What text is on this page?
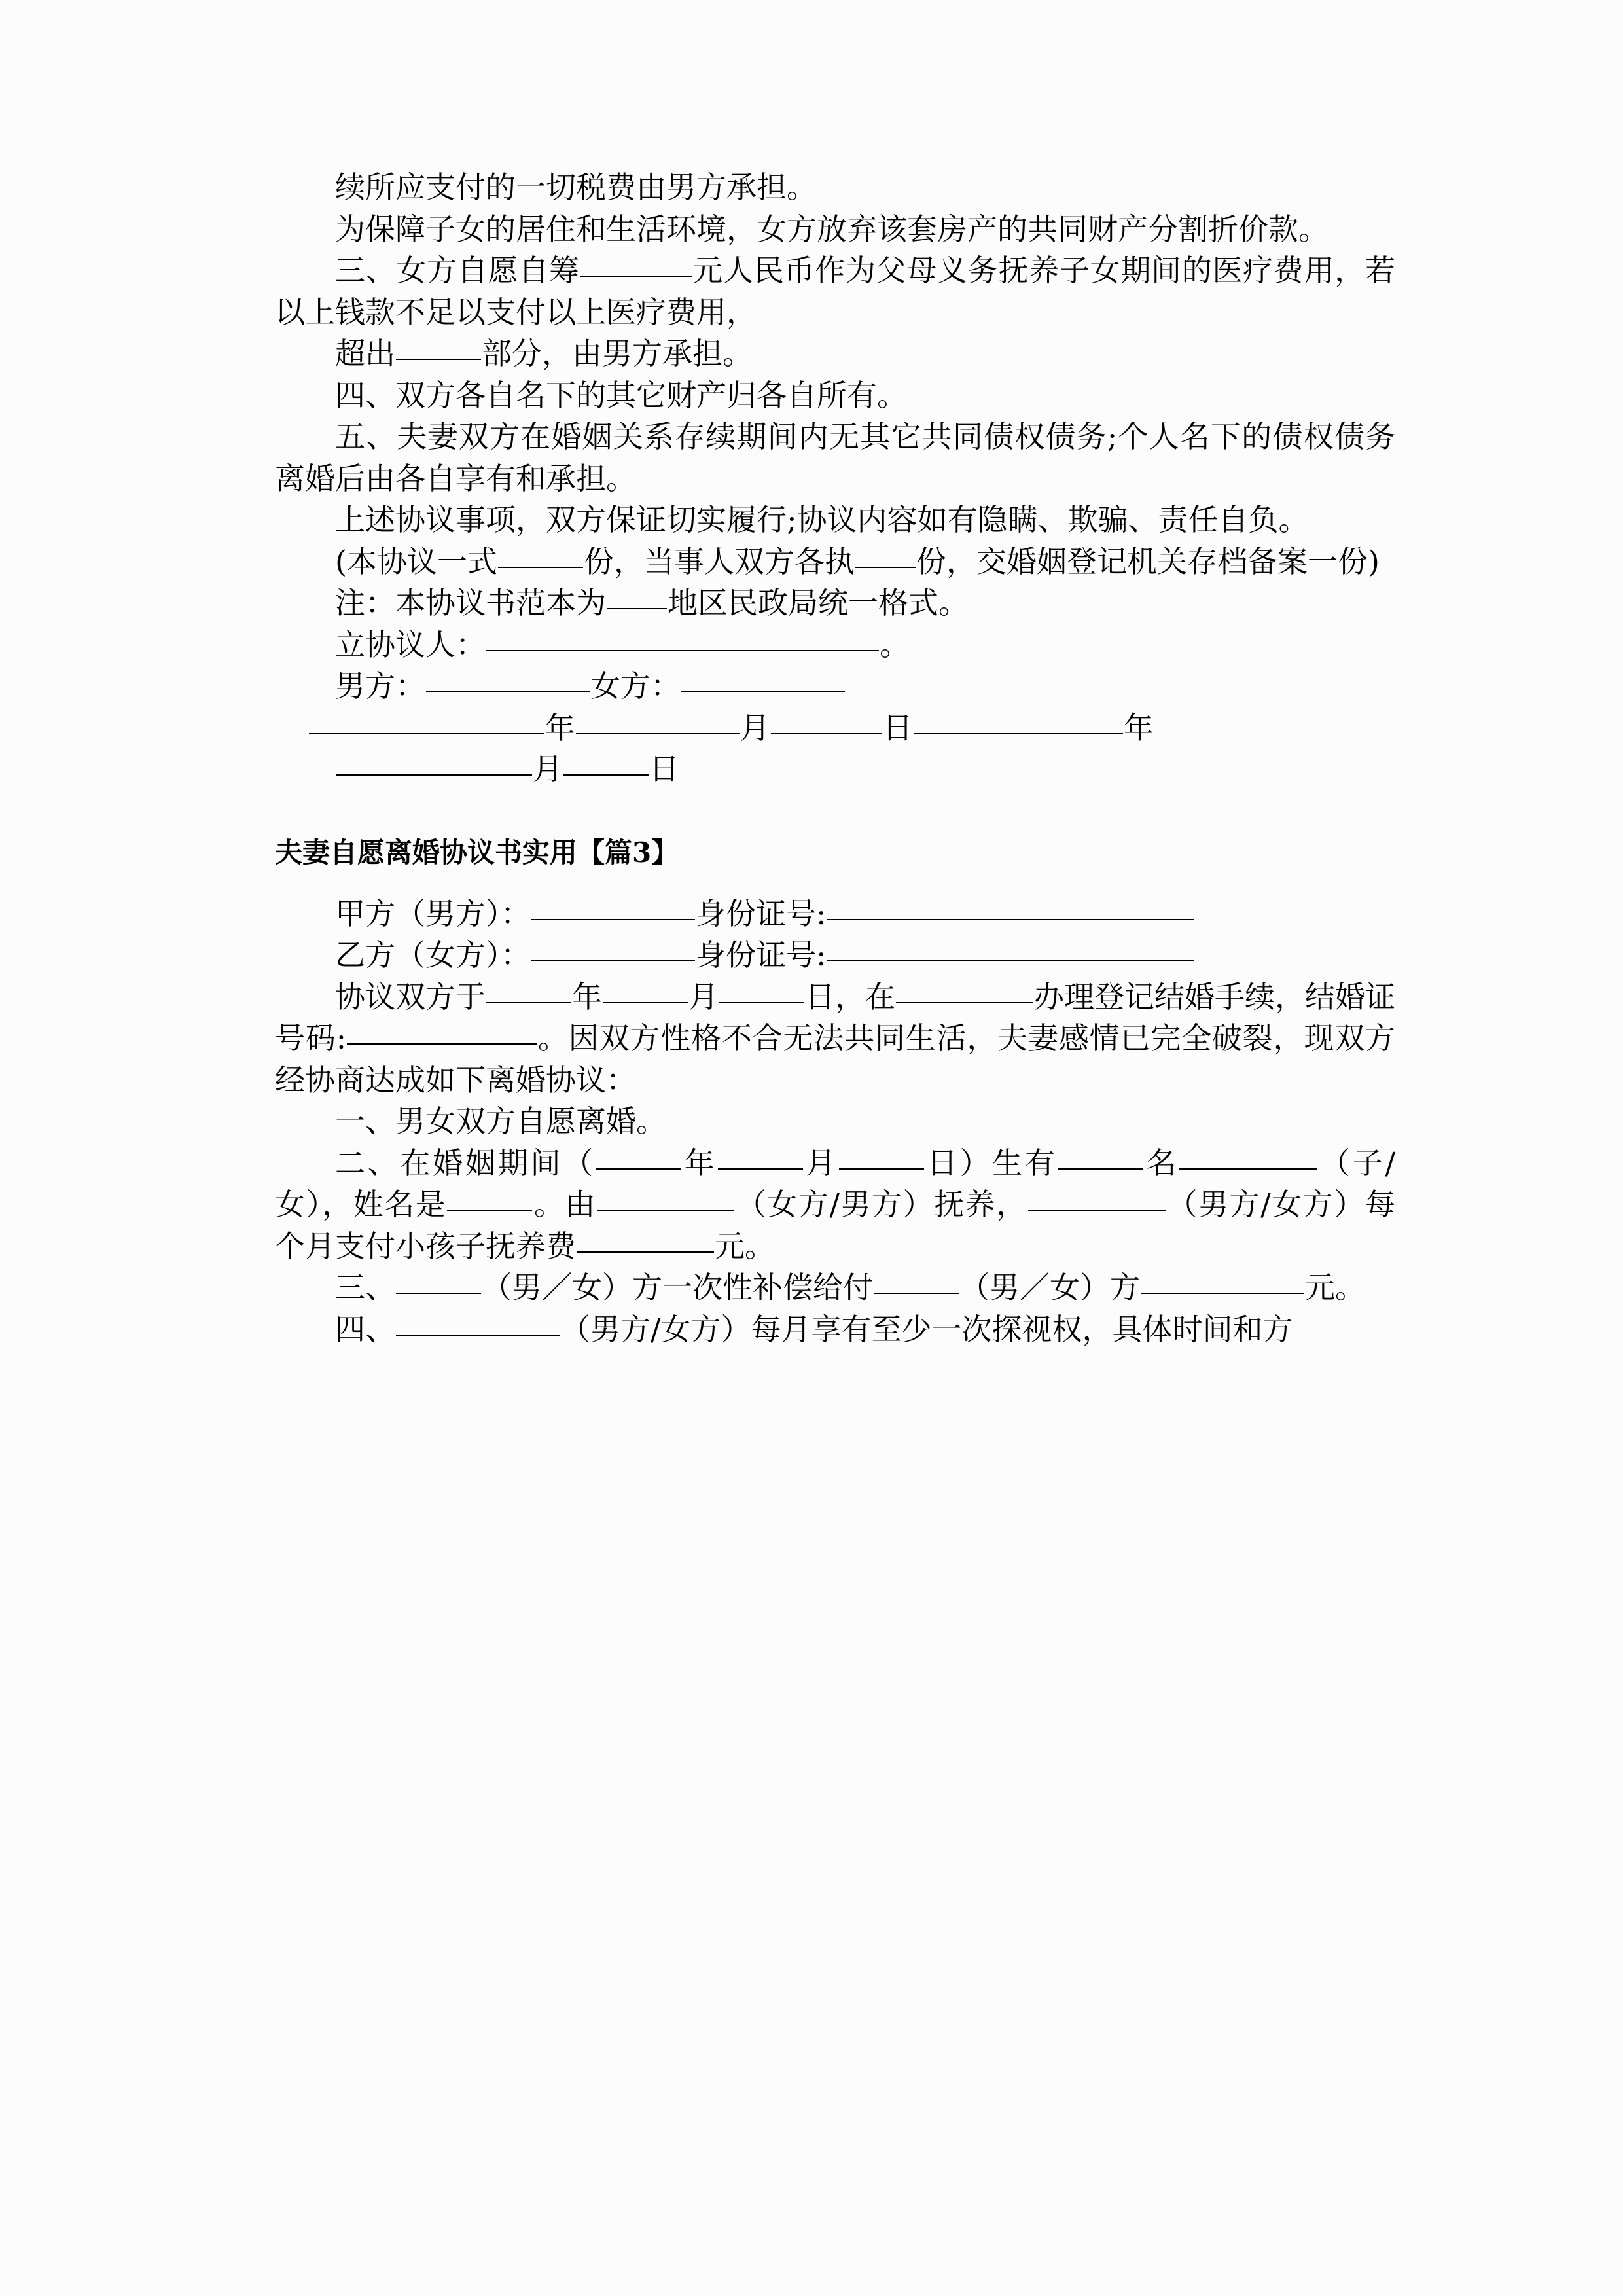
续所应支付的一切税费由男方承担。

为保障子女的居住和生活环境，女方放弃该套房产的共同财产分割折价款。

三、女方自愿自筹	元人民币作为父母义务抚养子女期间的医疗费用，若以上钱款不足以支付以上医疗费用，

超出	部分，由男方承担。

四、双方各自名下的其它财产归各自所有。

五、夫妻双方在婚姻关系存续期间内无其它共同债权债务;个人名下的债权债务离婚后由各自享有和承担。

上述协议事项，双方保证切实履行;协议内容如有隐瞒、欺骗、责任自负。

(本协议一式	份，当事人双方各执 份，交婚姻登记机关存档备案一份)

注：本协议书范本为 地区民政局统一格式。

立协议人：	。

男方：	女方：

年	月	日	年

月	日

夫妻自愿离婚协议书实用【篇3】

甲方（男方）：	身份证号:

乙方（女方）：	身份证号:

协议双方于	年	月	日，在	办理登记结婚手续，结婚证号码:	。因双方性格不合无法共同生活，夫妻感情已完全破裂，现双方经协商达成如下离婚协议：

一、男女双方自愿离婚。

二、在婚姻期间（	年	月	日）生有	名	（子/女），姓名是	。由	（女方/男方）抚养，	（男方/女方）每个月支付小孩子抚养费	元。

三、	（男／女）方一次性补偿给付	（男／女）方	元。

四、	（男方/女方）每月享有至少一次探视权，具体时间和方
